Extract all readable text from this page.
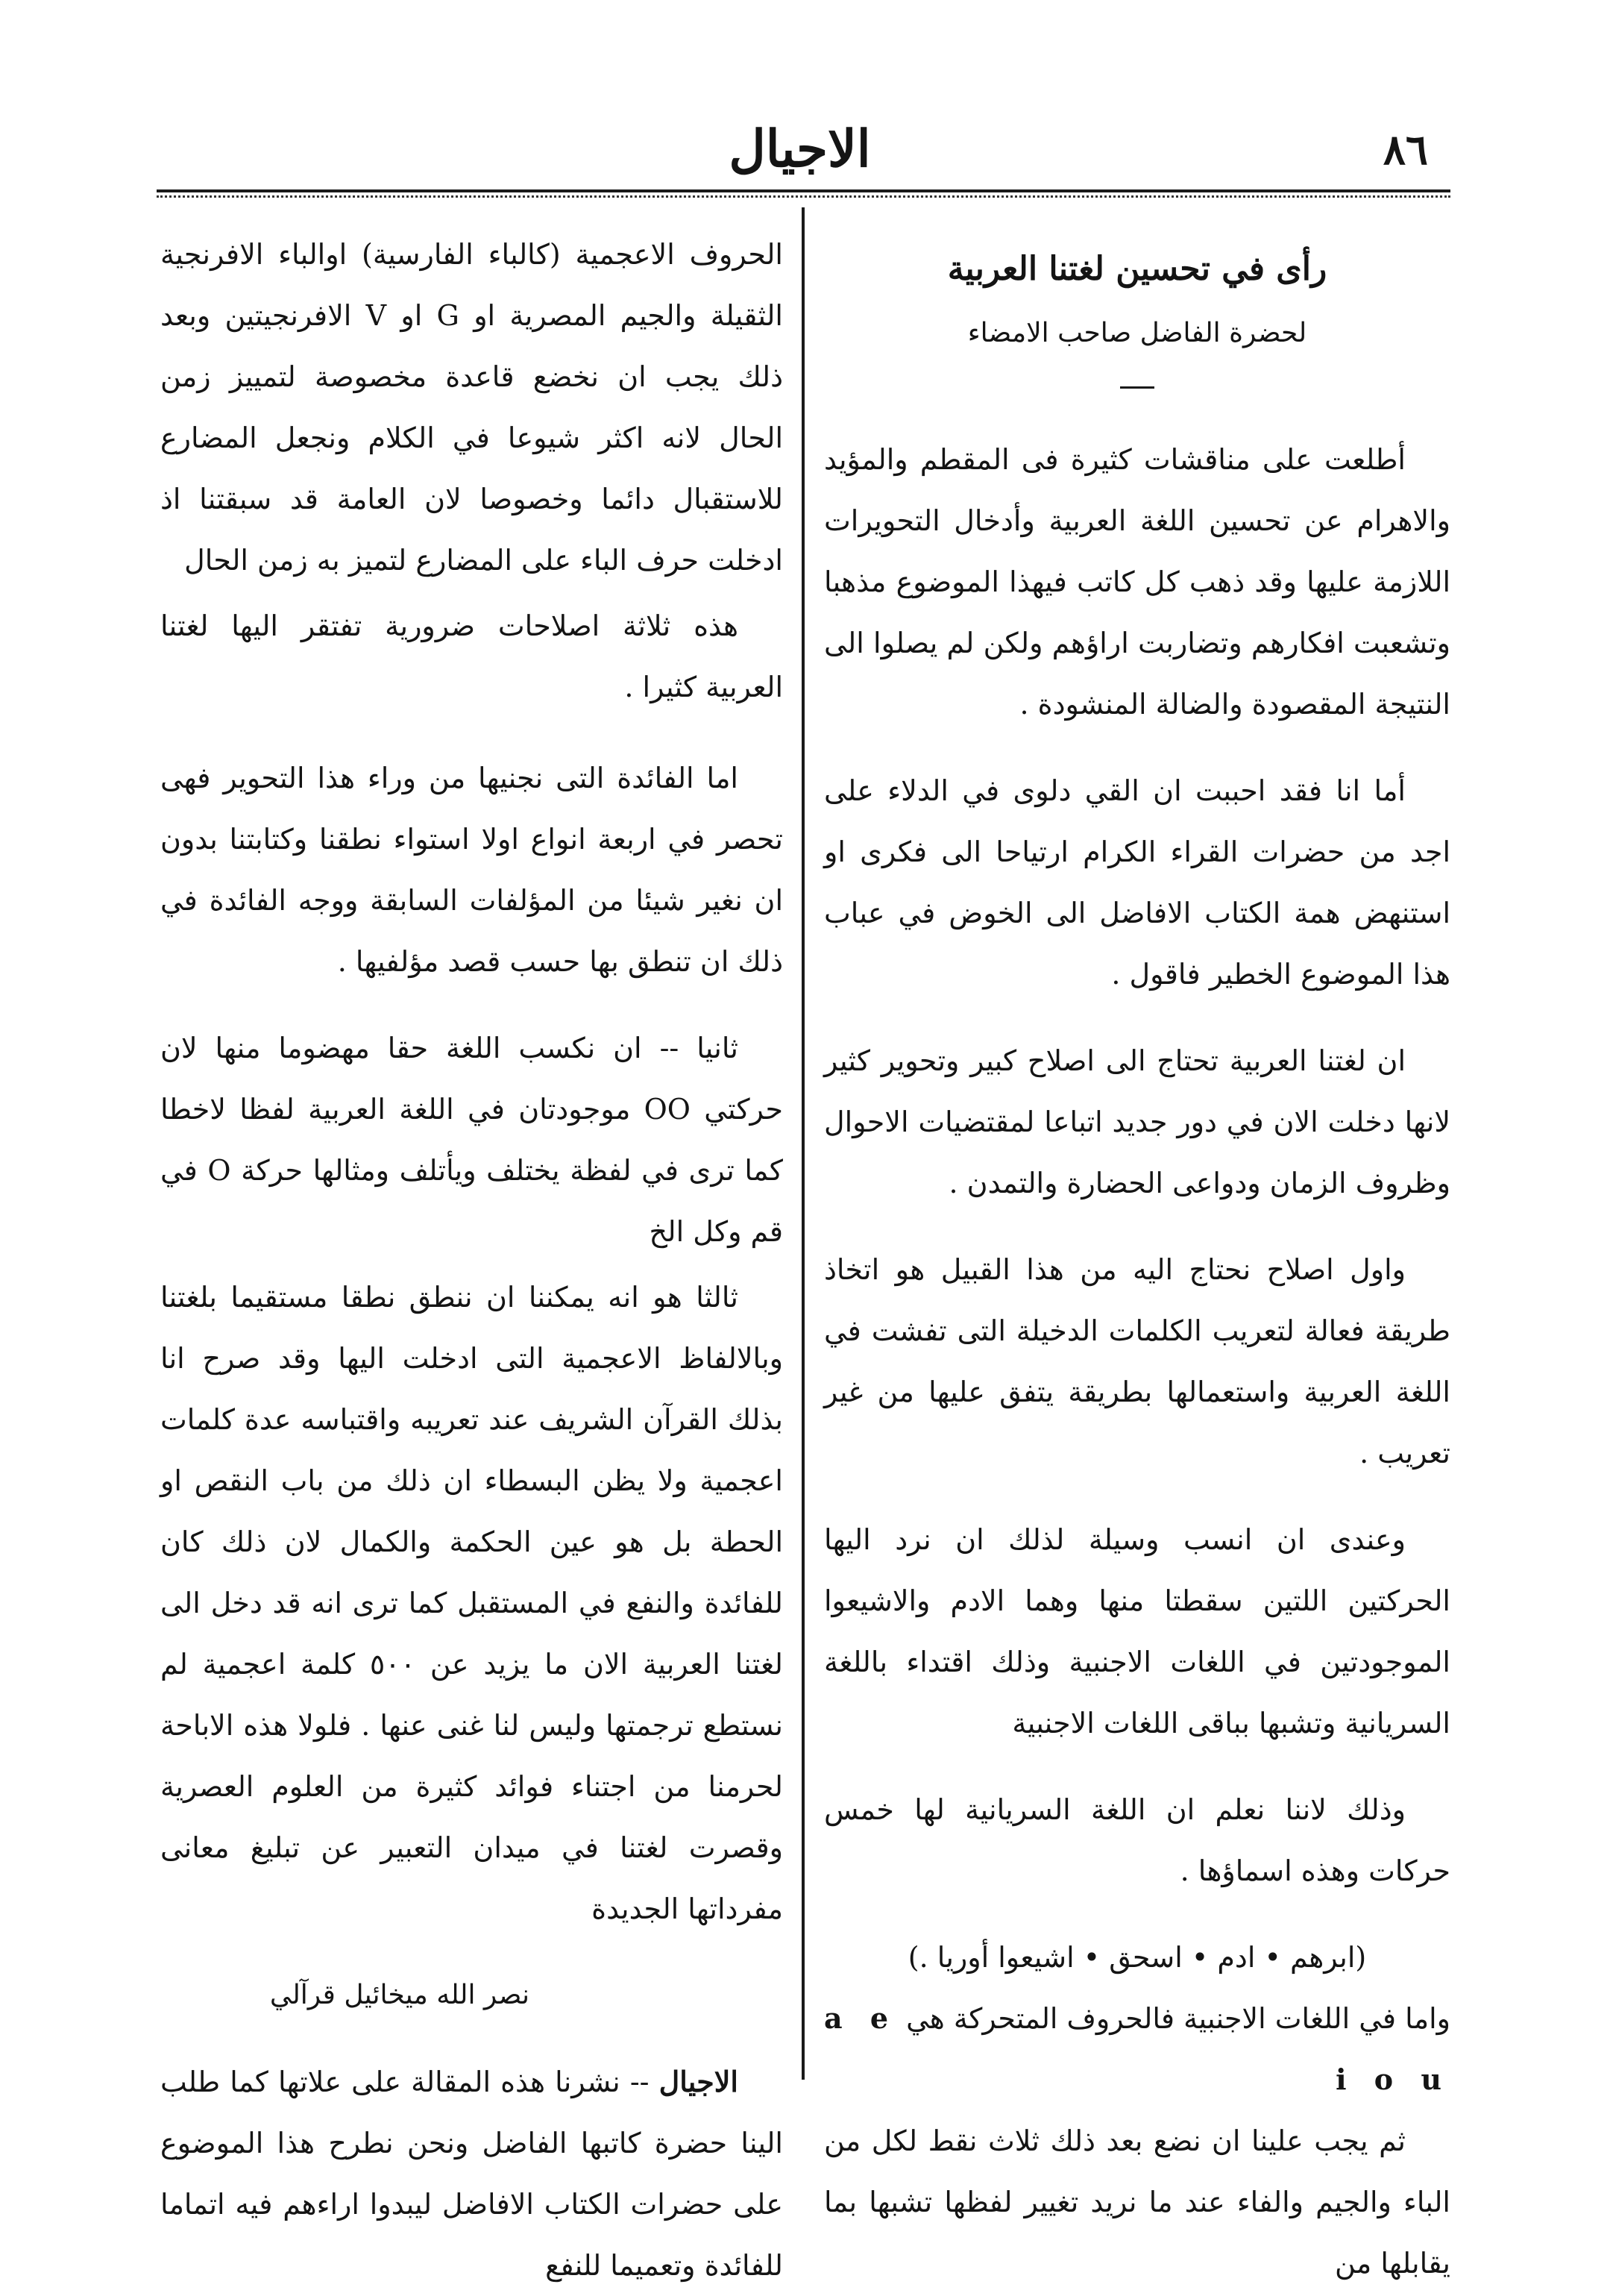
٨٦
الاجيال
رأى في تحسين لغتنا العربية
لحضرة الفاضل صاحب الامضاء

أطلعت على مناقشات كثيرة فى المقطم والمؤيد والاهرام عن تحسين اللغة العربية وأدخال التحويرات اللازمة عليها وقد ذهب كل كاتب فيهذا الموضوع مذهبا وتشعبت افكارهم وتضاربت اراؤهم ولكن لم يصلوا الى النتيجة المقصودة والضالة المنشودة .

أما انا فقد احببت ان القي دلوى في الدلاء على اجد من حضرات القراء الكرام ارتياحا الى فكرى او استنهض همة الكتاب الافاضل الى الخوض في عباب هذا الموضوع الخطير فاقول .

ان لغتنا العربية تحتاج الى اصلاح كبير وتحوير كثير لانها دخلت الان في دور جديد اتباعا لمقتضيات الاحوال وظروف الزمان ودواعى الحضارة والتمدن .

واول اصلاح نحتاج اليه من هذا القبيل هو اتخاذ طريقة فعالة لتعريب الكلمات الدخيلة التى تفشت في اللغة العربية واستعمالها بطريقة يتفق عليها من غير تعريب .

وعندى ان انسب وسيلة لذلك ان نرد اليها الحركتين اللتين سقطتا منها وهما الادم والاشيعوا الموجودتين في اللغات الاجنبية وذلك اقتداء باللغة السريانية وتشبها بباقى اللغات الاجنبية

وذلك لاننا نعلم ان اللغة السريانية لها خمس حركات وهذه اسماؤها .

(ابرهم • ادم • اسحق • اشيعوا أوريا .)

واما في اللغات الاجنبية فالحروف المتحركة هي a e i o u

ثم يجب علينا ان نضع بعد ذلك ثلاث نقط لكل من الباء والجيم والفاء عند ما نريد تغيير لفظها تشبها بما يقابلها من

الحروف الاعجمية (كالباء الفارسية) اوالباء الافرنجية الثقيلة والجيم المصرية او G او V الافرنجيتين وبعد ذلك يجب ان نخضع قاعدة مخصوصة لتمييز زمن الحال لانه اكثر شيوعا في الكلام ونجعل المضارع للاستقبال دائما وخصوصا لان العامة قد سبقتنا اذ ادخلت حرف الباء على المضارع لتميز به زمن الحال

هذه ثلاثة اصلاحات ضرورية تفتقر اليها لغتنا العربية كثيرا .

اما الفائدة التى نجنيها من وراء هذا التحوير فهى تحصر في اربعة انواع اولا استواء نطقنا وكتابتنا بدون ان نغير شيئا من المؤلفات السابقة ووجه الفائدة في ذلك ان تنطق بها حسب قصد مؤلفيها .

ثانيا -- ان نكسب اللغة حقا مهضوما منها لان حركتي OO موجودتان في اللغة العربية لفظا لاخطا كما ترى في لفظة يختلف ويأتلف ومثالها حركة O في قم وكل الخ

ثالثا هو انه يمكننا ان ننطق نطقا مستقيما بلغتنا وبالالفاظ الاعجمية التى ادخلت اليها وقد صرح انا بذلك القرآن الشريف عند تعريبه واقتباسه عدة كلمات اعجمية ولا يظن البسطاء ان ذلك من باب النقص او الحطة بل هو عين الحكمة والكمال لان ذلك كان للفائدة والنفع في المستقبل كما ترى انه قد دخل الى لغتنا العربية الان ما يزيد عن ٥٠٠ كلمة اعجمية لم نستطع ترجمتها وليس لنا غنى عنها . فلولا هذه الاباحة لحرمنا من اجتناء فوائد كثيرة من العلوم العصرية وقصرت لغتنا في ميدان التعبير عن تبليغ معانى مفرداتها الجديدة

نصر الله ميخائيل قرآلي

الاجيال -- نشرنا هذه المقالة على علاتها كما طلب الينا حضرة كاتبها الفاضل ونحن نطرح هذا الموضوع على حضرات الكتاب الافاضل ليبدوا اراءهم فيه اتماما للفائدة وتعميما للنفع
